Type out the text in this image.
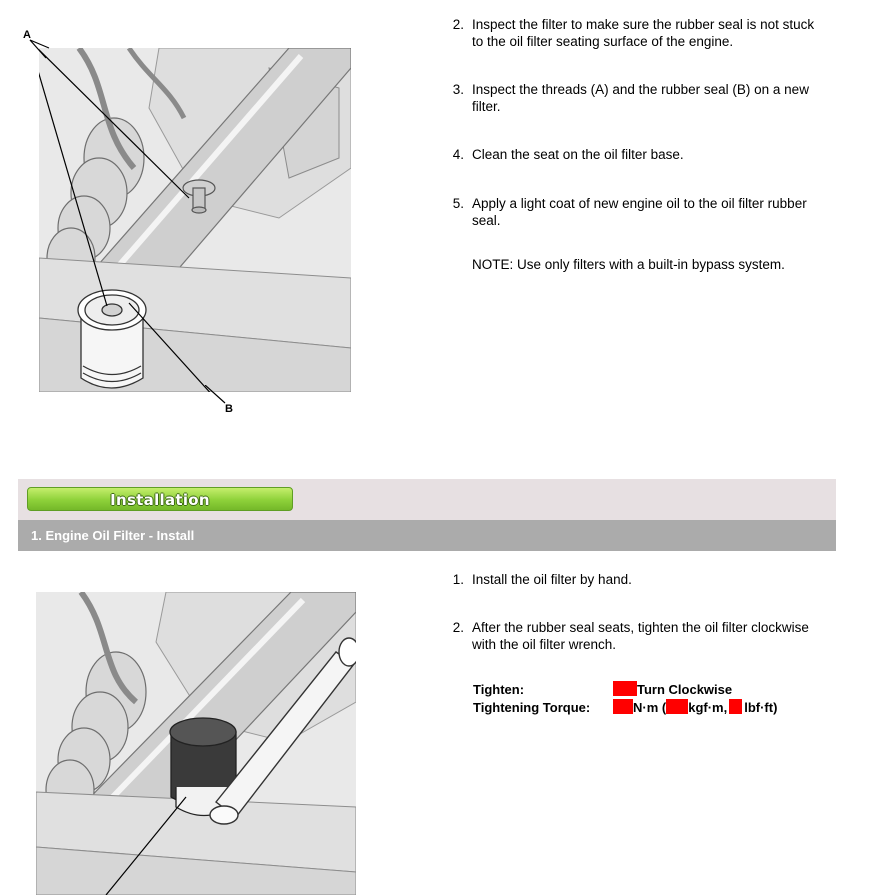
A
B
2. Inspect the filter to make sure the rubber seal is not stuck
to the oil filter seating surface of the engine.
3. Inspect the threads (A) and the rubber seal (B) on a new
filter.
4. Clean the seat on the oil filter base.
5. Apply a light coat of new engine oil to the oil filter rubber
seal.
NOTE: Use only filters with a built-in bypass system.
Installation
1. Engine Oil Filter - Install
1. Install the oil filter by hand.
2. After the rubber seal seats, tighten the oil filter clockwise
with the oil filter wrench.
Tighten:	Turn Clockwise
Tightening Torque:	N·m ( kgf·m, lbf·ft)
